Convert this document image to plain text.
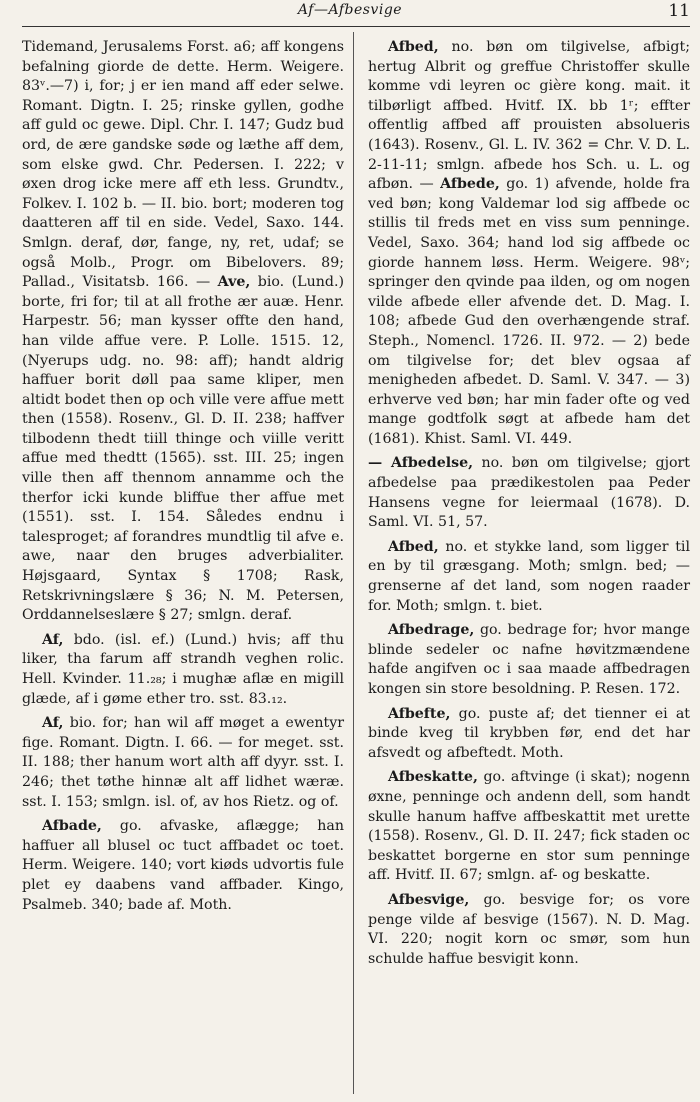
Af—Afbesvige	11

Tidemand, Jerusalems Forst. a6; aff kongens befalning giorde de dette. Herm. Weigere. 83ᵛ.—7) i, for; j er ien mand aff eder selwe. Romant. Digtn. I. 25; rinske gyllen, godhe aff guld oc gewe. Dipl. Chr. I. 147; Gudz bud ord, de ære gandske søde og læthe aff dem, som elske gwd. Chr. Pedersen. I. 222; v øxen drog icke mere aff eth less. Grundtv., Folkev. I. 102 b. — II. bio. bort; moderen tog daatteren aff til en side. Vedel, Saxo. 144. Smlgn. deraf, dør, fange, ny, ret, udaf; se også Molb., Progr. om Bibelovers. 89; Pallad., Visitatsb. 166. — Ave, bio. (Lund.) borte, fri for; til at all frothe ær auæ. Henr. Harpestr. 56; man kysser offte den hand, han vilde affue vere. P. Lolle. 1515. 12, (Nyerups udg. no. 98: aff); handt aldrig haffuer borit døll paa same kliper, men altidt bodet then op och ville vere affue mett then (1558). Rosenv., Gl. D. II. 238; haffver tilbodenn thedt tiill thinge och viille veritt affue med thedtt (1565). sst. III. 25; ingen ville then aff thennom annamme och the therfor icki kunde bliffue ther affue met (1551). sst. I. 154. Således endnu i talesproget; af forandres mundtlig til afve e. awe, naar den bruges adverbialiter. Højsgaard, Syntax § 1708; Rask, Retskrivningslære § 36; N. M. Petersen, Orddannelseslære § 27; smlgn. deraf.

Af, bdo. (isl. ef.) (Lund.) hvis; aff thu liker, tha farum aff strandh veghen rolic. Hell. Kvinder. 11.₂₈; i mughæ aflæ en migill glæde, af i gøme ether tro. sst. 83.₁₂.

Af, bio. for; han wil aff møget a ewentyr fige. Romant. Digtn. I. 66. — for meget. sst. II. 188; ther hanum wort alth aff dyyr. sst. I. 246; thet tøthe hinnæ alt aff lidhet wæræ. sst. I. 153; smlgn. isl. of, av hos Rietz. og of.

Afbade, go. afvaske, aflægge; han haffuer all blusel oc tuct affbadet oc toet. Herm. Weigere. 140; vort kiøds udvortis fule plet ey daabens vand affbader. Kingo, Psalmeb. 340; bade af. Moth.

Afbed, no. bøn om tilgivelse, afbigt; hertug Albrit og greffue Christoffer skulle komme vdi leyren oc gière kong. mait. it tilbørligt affbed. Hvitf. IX. bb 1ʳ; effter offentlig affbed aff prouisten absolueris (1643). Rosenv., Gl. L. IV. 362 = Chr. V. D. L. 2-11-11; smlgn. afbede hos Sch. u. L. og afbøn. — Afbede, go. 1) afvende, holde fra ved bøn; kong Valdemar lod sig affbede oc stillis til freds met en viss sum penninge. Vedel, Saxo. 364; hand lod sig affbede oc giorde hannem løss. Herm. Weigere. 98ᵛ; springer den qvinde paa ilden, og om nogen vilde afbede eller afvende det. D. Mag. I. 108; afbede Gud den overhængende straf. Steph., Nomencl. 1726. II. 972. — 2) bede om tilgivelse for; det blev ogsaa af menigheden afbedet. D. Saml. V. 347. — 3) erhverve ved bøn; har min fader ofte og ved mange godtfolk søgt at afbede ham det (1681). Khist. Saml. VI. 449.

— Afbedelse, no. bøn om tilgivelse; gjort afbedelse paa prædikestolen paa Peder Hansens vegne for leiermaal (1678). D. Saml. VI. 51, 57.

Afbed, no. et stykke land, som ligger til en by til græsgang. Moth; smlgn. bed; — grenserne af det land, som nogen raader for. Moth; smlgn. t. biet.

Afbedrage, go. bedrage for; hvor mange blinde sedeler oc nafne høvitzmændene hafde angifven oc i saa maade affbedragen kongen sin store besoldning. P. Resen. 172.

Afbefte, go. puste af; det tienner ei at binde kveg til krybben før, end det har afsvedt og afbeftedt. Moth.

Afbeskatte, go. aftvinge (i skat); nogenn øxne, penninge och andenn dell, som handt skulle hanum haffve affbeskattit met urette (1558). Rosenv., Gl. D. II. 247; fick staden oc beskattet borgerne en stor sum penninge aff. Hvitf. II. 67; smlgn. af- og beskatte.

Afbesvige, go. besvige for; os vore penge vilde af besvige (1567). N. D. Mag. VI. 220; nogit korn oc smør, som hun schulde haffue besvigit konn.
